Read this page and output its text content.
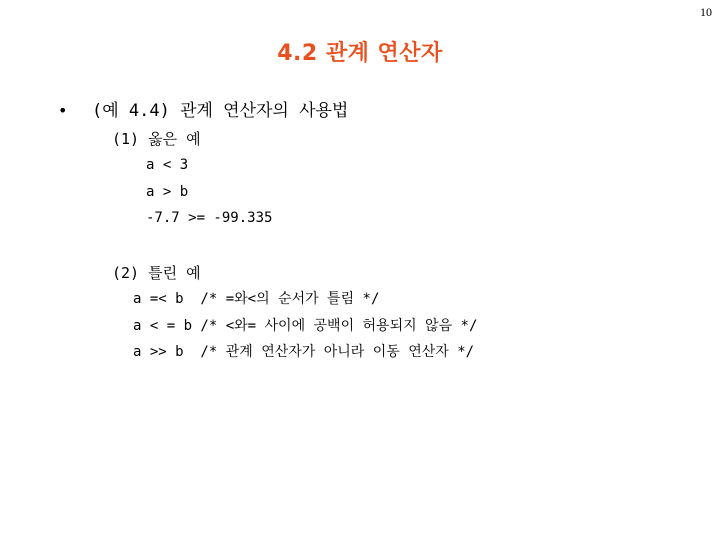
10
4.2 관계 연산자
• (예 4.4) 관계 연산자의 사용법
(1) 옳은 예
a < 3
a > b
-7.7 >= -99.335
(2) 틀린 예
a =< b  /* =와<의 순서가 틀림 */
a < = b /* <와= 사이에 공백이 허용되지 않음 */
a >> b  /* 관계 연산자가 아니라 이동 연산자 */
